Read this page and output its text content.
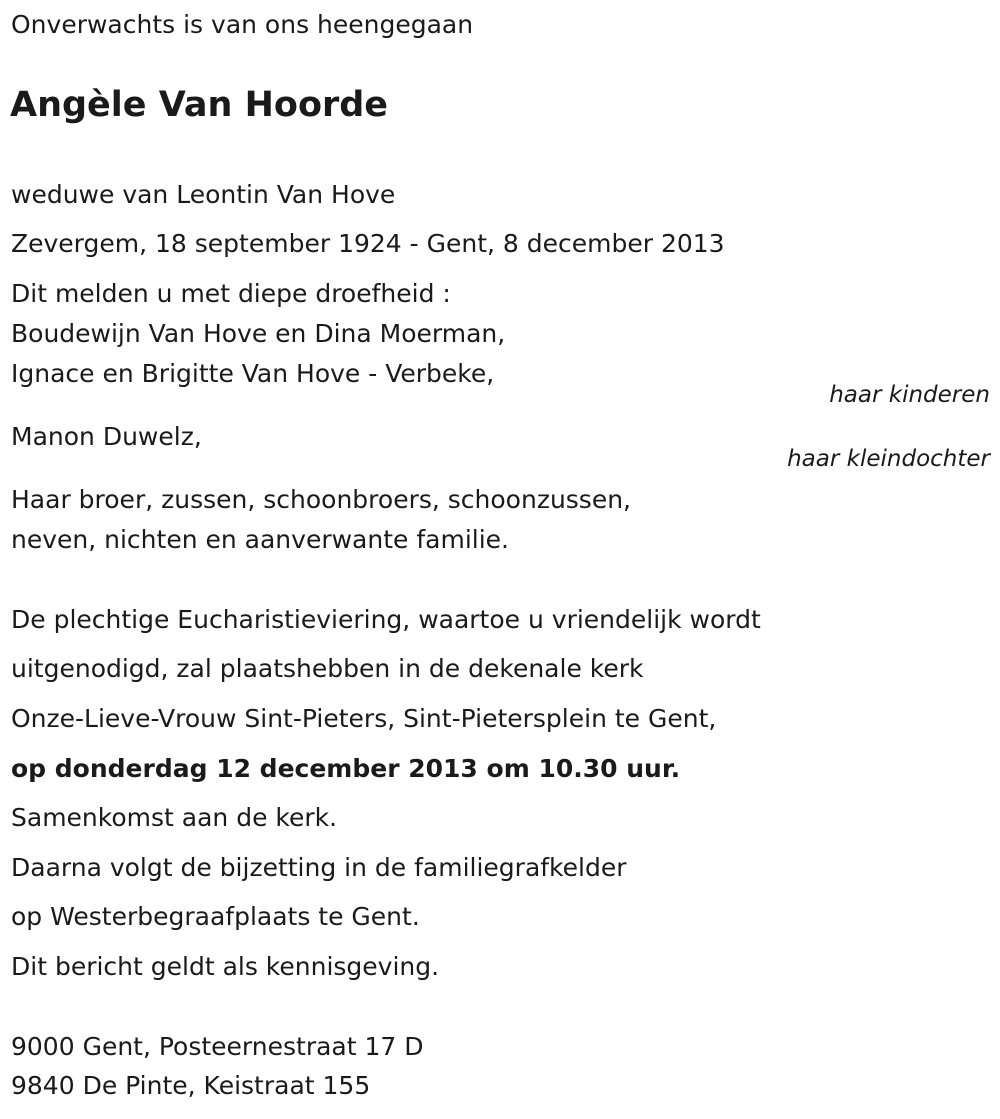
Onverwachts is van ons heengegaan
Angèle Van Hoorde
weduwe van Leontin Van Hove
Zevergem, 18 september 1924 - Gent, 8 december 2013
Dit melden u met diepe droefheid :
Boudewijn Van Hove en Dina Moerman,
Ignace en Brigitte Van Hove - Verbeke,
haar kinderen
Manon Duwelz,
haar kleindochter
Haar broer, zussen, schoonbroers, schoonzussen,
neven, nichten en aanverwante familie.
De plechtige Eucharistieviering, waartoe u vriendelijk wordt
uitgenodigd, zal plaatshebben in de dekenale kerk
Onze-Lieve-Vrouw Sint-Pieters, Sint-Pietersplein te Gent,
op donderdag 12 december 2013 om 10.30 uur.
Samenkomst aan de kerk.
Daarna volgt de bijzetting in de familiegrafkelder
op Westerbegraafplaats te Gent.
Dit bericht geldt als kennisgeving.
9000 Gent, Posteernestraat 17 D
9840 De Pinte, Keistraat 155
